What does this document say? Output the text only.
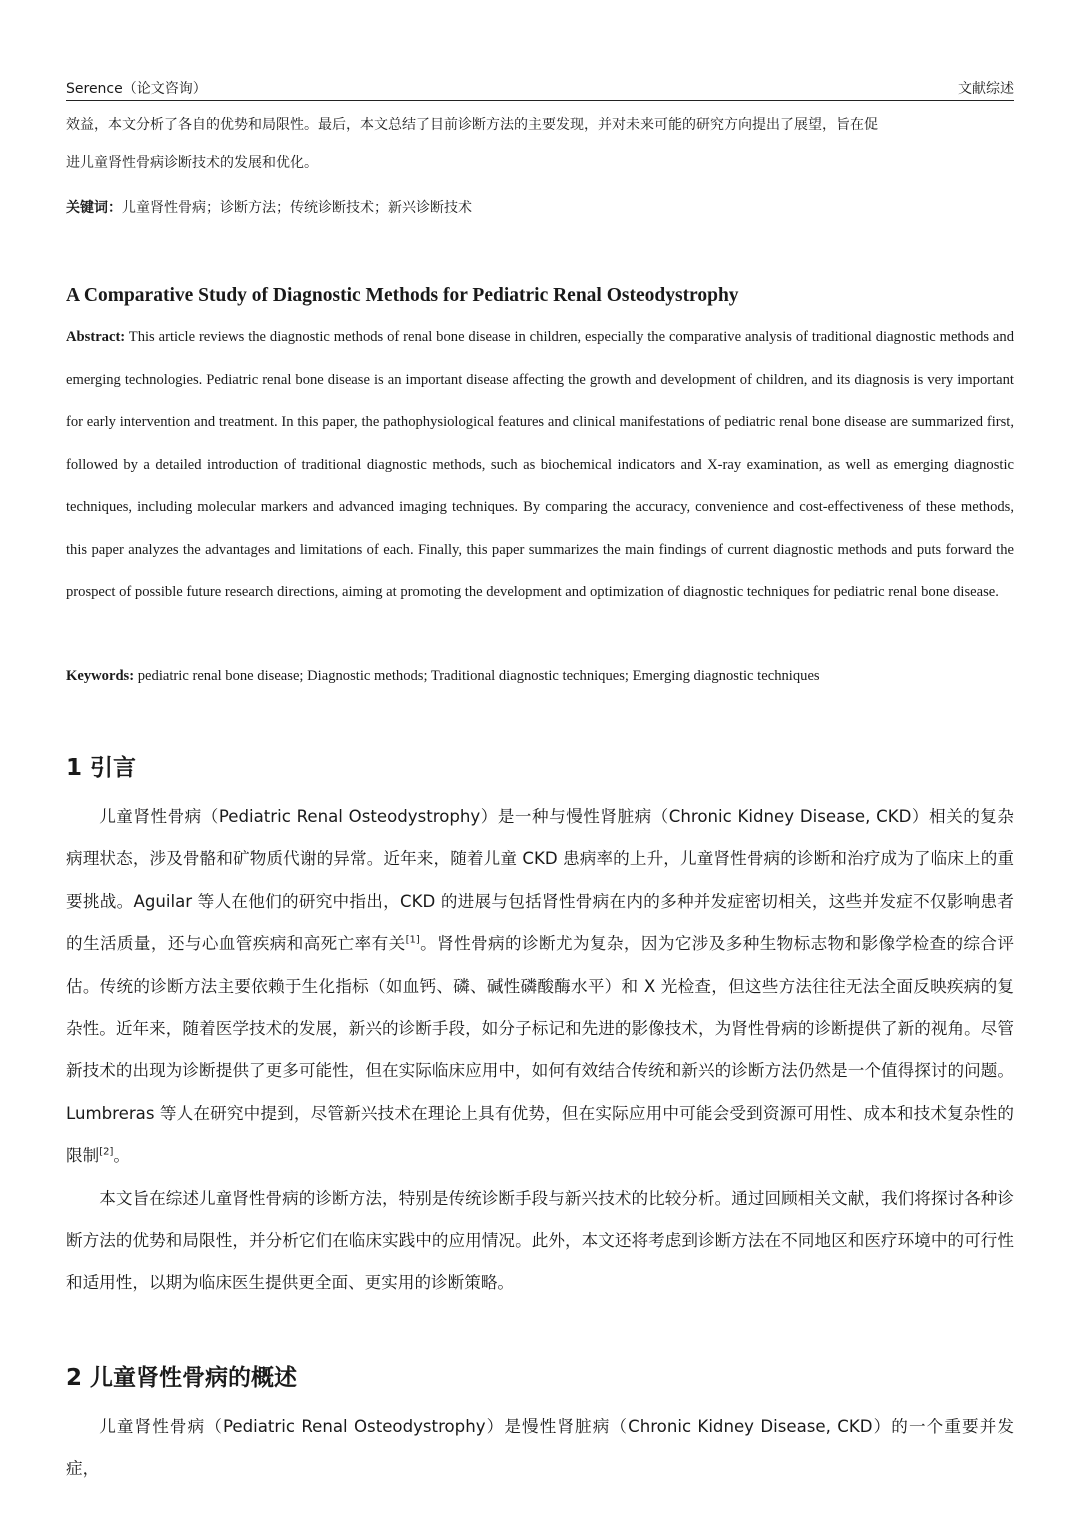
Serence（论文咨询）	文献综述

效益，本文分析了各自的优势和局限性。最后，本文总结了目前诊断方法的主要发现，并对未来可能的研究方向提出了展望，旨在促

进儿童肾性骨病诊断技术的发展和优化。

关键词：儿童肾性骨病；诊断方法；传统诊断技术；新兴诊断技术
A Comparative Study of Diagnostic Methods for Pediatric Renal Osteodystrophy

Abstract: This article reviews the diagnostic methods of renal bone disease in children, especially the comparative analysis of traditional diagnostic methods and emerging technologies. Pediatric renal bone disease is an important disease affecting the growth and development of children, and its diagnosis is very important for early intervention and treatment. In this paper, the pathophysiological features and clinical manifestations of pediatric renal bone disease are summarized first, followed by a detailed introduction of traditional diagnostic methods, such as biochemical indicators and X-ray examination, as well as emerging diagnostic techniques, including molecular markers and advanced imaging techniques. By comparing the accuracy, convenience and cost-effectiveness of these methods, this paper analyzes the advantages and limitations of each. Finally, this paper summarizes the main findings of current diagnostic methods and puts forward the prospect of possible future research directions, aiming at promoting the development and optimization of diagnostic techniques for pediatric renal bone disease.

Keywords: pediatric renal bone disease; Diagnostic methods; Traditional diagnostic techniques; Emerging diagnostic techniques
1 引言

儿童肾性骨病（Pediatric Renal Osteodystrophy）是一种与慢性肾脏病（Chronic Kidney Disease, CKD）相关的复杂病理状态，涉及骨骼和矿物质代谢的异常。近年来，随着儿童 CKD 患病率的上升，儿童肾性骨病的诊断和治疗成为了临床上的重要挑战。Aguilar 等人在他们的研究中指出，CKD 的进展与包括肾性骨病在内的多种并发症密切相关，这些并发症不仅影响患者的生活质量，还与心血管疾病和高死亡率有关[1]。肾性骨病的诊断尤为复杂，因为它涉及多种生物标志物和影像学检查的综合评估。传统的诊断方法主要依赖于生化指标（如血钙、磷、碱性磷酸酶水平）和 X 光检查，但这些方法往往无法全面反映疾病的复杂性。近年来，随着医学技术的发展，新兴的诊断手段，如分子标记和先进的影像技术，为肾性骨病的诊断提供了新的视角。尽管新技术的出现为诊断提供了更多可能性，但在实际临床应用中，如何有效结合传统和新兴的诊断方法仍然是一个值得探讨的问题。Lumbreras 等人在研究中提到，尽管新兴技术在理论上具有优势，但在实际应用中可能会受到资源可用性、成本和技术复杂性的限制[2]。

本文旨在综述儿童肾性骨病的诊断方法，特别是传统诊断手段与新兴技术的比较分析。通过回顾相关文献，我们将探讨各种诊断方法的优势和局限性，并分析它们在临床实践中的应用情况。此外，本文还将考虑到诊断方法在不同地区和医疗环境中的可行性和适用性，以期为临床医生提供更全面、更实用的诊断策略。

2 儿童肾性骨病的概述

儿童肾性骨病（Pediatric Renal Osteodystrophy）是慢性肾脏病（Chronic Kidney Disease, CKD）的一个重要并发症，
